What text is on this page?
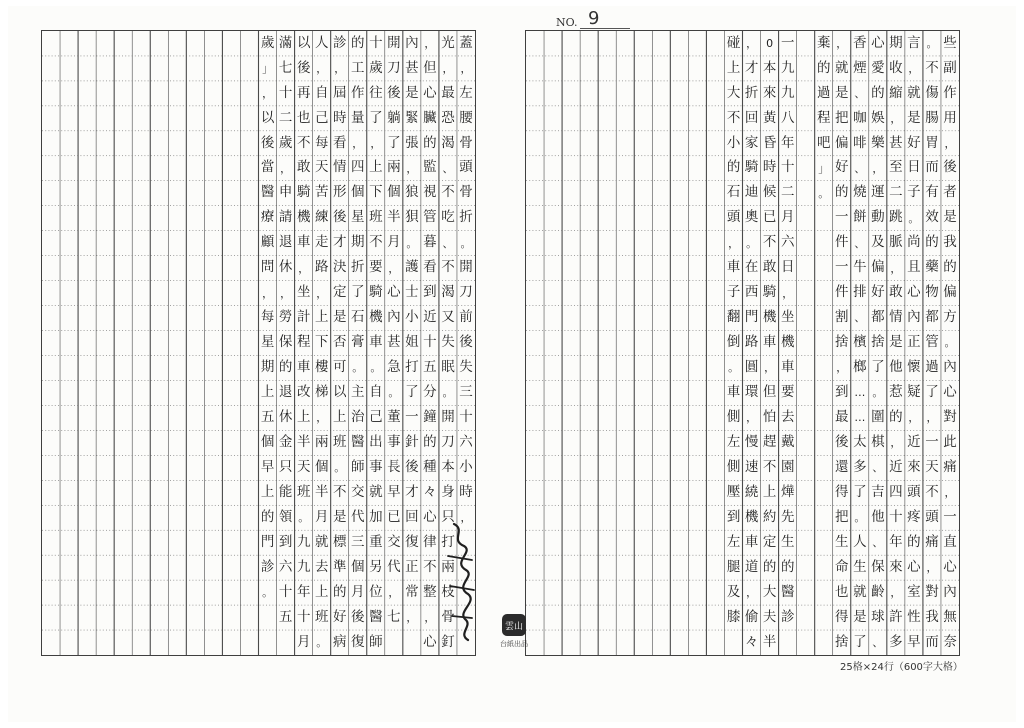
NO. 9
蓋
，
左
腰
骨
頭
骨
折
。
開
刀
前
後
失
三
十
六
小
時
，
光
，
最
恐
渴
、
不
吃
、
不
渴
又
失
眠
。
開
刀
本
身
只
打
兩
枝
骨
釘
，
但
心
臟
的
監
視
管
暮
看
到
近
十
五
分
鐘
的
種
々
心
律
不
整
，
心
內
甚
是
緊
張
，
狼
狽
。
護
士
小
姐
打
了
一
針
後
才
回
復
正
常
，
開
刀
後
躺
了
兩
個
半
月
，
心
內
甚
急
。
董
事
長
早
已
交
代
，
七
十
歲
往
了
，
上
下
班
不
要
騎
機
車
。
自
己
出
事
就
加
重
另
位
醫
師
的
工
作
量
，
四
個
星
期
折
了
石
膏
。
主
治
醫
師
交
代
三
個
月
後
復
診
，
屆
時
看
情
形
後
才
決
定
是
否
可
以
上
班
。
不
是
標
準
的
好
病
人
，
自
己
每
天
苦
練
走
路
，
上
下
樓
梯
，
兩
個
半
月
就
去
上
班
。
以
後
再
也
不
敢
騎
機
車
，
坐
計
程
車
改
上
半
天
班
。
九
九
年
十
月
滿
七
十
二
歲
，
申
請
退
休
，
勞
保
的
退
休
金
只
能
領
到
六
十
五
歲
」
，
以
後
當
醫
療
顧
問
，
每
星
期
上
五
個
早
上
的
門
診
。
些
副
作
用
，
後
者
是
我
的
偏
方
。
內
心
對
此
痛
，
一
直
心
內
無
奈
。
不
傷
腸
胃
而
有
效
的
藥
物
都
管
過
了
，
一
天
不
頭
痛
，
對
我
而
言
，
就
是
好
日
子
。
尚
且
心
內
正
懷
疑
，
近
來
頭
疼
的
心
室
性
早
期
收
縮
，
甚
至
二
跳
脈
，
敢
情
是
他
惹
的
，
近
四
十
年
來
，
許
多
心
愛
的
娛
樂
，
運
動
及
偏
好
都
捨
了
。
圍
棋
、
吉
他
、
保
齡
球
、
香
煙
、
咖
啡
、
燒
餅
、
牛
排
、
檳
榔
…
…
太
多
了
。
人
生
就
是
了
，
就
是
把
偏
好
的
一
件
一
件
割
捨
，
到
最
後
還
得
把
生
命
也
得
捨
棄
的
過
程
吧
」
。
一
九
九
八
年
十
二
月
六
日
，
坐
機
車
要
去
戴
園
燁
先
生
的
醫
診
0
本
來
黃
昏
時
候
已
不
敢
騎
機
車
，
但
怕
趕
不
上
約
定
的
大
夫
半
，
才
折
回
家
騎
迪
奧
。
在
西
門
路
圓
環
，
慢
速
繞
機
車
道
，
偷
々
碰
上
大
不
小
的
石
頭
，
車
子
翻
倒
。
車
側
左
側
壓
到
左
腿
及
膝
雲山
台紙出品
25格×24行（600字大格）
